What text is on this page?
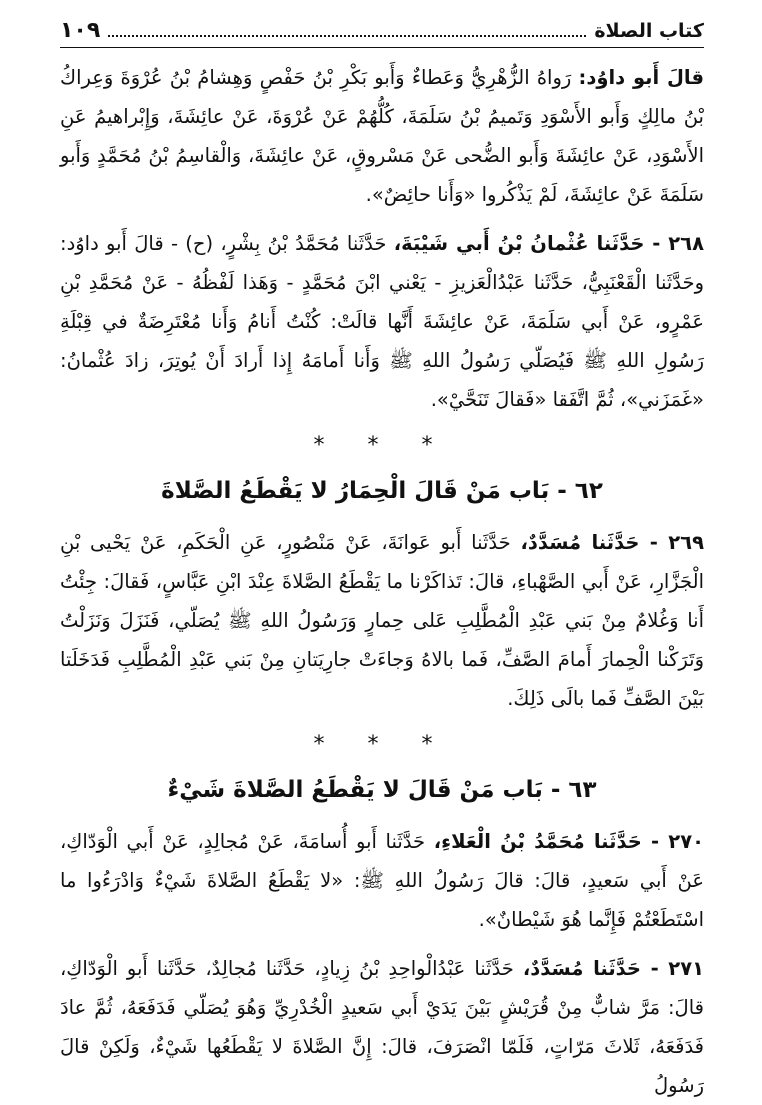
كتاب الصلاة
١٠٩

قالَ أَبو داوُد: رَواهُ الزُّهْرِيُّ وَعَطاءٌ وَأَبو بَكْرِ بْنُ حَفْصٍ وَهِشامُ بْنُ عُرْوَةَ وَعِراكُ بْنُ مالِكٍ وَأَبو الأَسْوَدِ وَتَميمُ بْنُ سَلَمَةَ، كُلُّهُمْ عَنْ عُرْوَةَ، عَنْ عائِشَةَ، وَإِبْراهيمُ عَنِ الأَسْوَدِ، عَنْ عائِشَةَ وَأَبو الضُّحى عَنْ مَسْروقٍ، عَنْ عائِشَةَ، وَالْقاسِمُ بْنُ مُحَمَّدٍ وَأَبو سَلَمَةَ عَنْ عائِشَةَ، لَمْ يَذْكُروا «وَأَنا حائِضٌ».

٢٦٨ - حَدَّثَنا عُثْمانُ بْنُ أَبي شَيْبَةَ، حَدَّثَنا مُحَمَّدُ بْنُ بِشْرٍ، (ح) - قالَ أَبو داوُد: وحَدَّثَنا الْقَعْنَبِيُّ، حَدَّثَنا عَبْدُالْعَزيزِ - يَعْني ابْنَ مُحَمَّدٍ - وَهَذا لَفْظُهُ - عَنْ مُحَمَّدِ بْنِ عَمْرٍو، عَنْ أَبي سَلَمَةَ، عَنْ عائِشَةَ أَنَّها قالَتْ: كُنْتُ أَنامُ وَأَنا مُعْتَرِضَةٌ في قِبْلَةِ رَسُولِ اللهِ ﷺ فَيُصَلّي رَسُولُ اللهِ ﷺ وَأَنا أَمامَهُ إِذا أَرادَ أَنْ يُوتِرَ، زادَ عُثْمانُ: «غَمَزَني»، ثُمَّ اتَّفَقا «فَقالَ تَنَحَّيْ».

* * *
٦٢ - بَاب مَنْ قَالَ الْحِمَارُ لا يَقْطَعُ الصَّلاةَ

٢٦٩ - حَدَّثَنا مُسَدَّدٌ، حَدَّثَنا أَبو عَوانَةَ، عَنْ مَنْصُورٍ، عَنِ الْحَكَمِ، عَنْ يَحْيى بْنِ الْجَزَّارِ، عَنْ أَبي الصَّهْباءِ، قالَ: تَذاكَرْنا ما يَقْطَعُ الصَّلاةَ عِنْدَ ابْنِ عَبَّاسٍ، فَقالَ: جِئْتُ أَنا وَغُلامٌ مِنْ بَني عَبْدِ الْمُطَّلِبِ عَلى حِمارٍ وَرَسُولُ اللهِ ﷺ يُصَلّي، فَنَزَلَ وَنَزَلْتُ وَتَرَكْنا الْحِمارَ أَمامَ الصَّفِّ، فَما بالاهُ وَجاءَتْ جارِيَتانِ مِنْ بَني عَبْدِ الْمُطَّلِبِ فَدَخَلَتا بَيْنَ الصَّفِّ فَما بالَى ذَلِكَ.

* * *
٦٣ - بَاب مَنْ قَالَ لا يَقْطَعُ الصَّلاةَ شَيْءٌ

٢٧٠ - حَدَّثَنا مُحَمَّدُ بْنُ الْعَلاءِ، حَدَّثَنا أَبو أُسامَةَ، عَنْ مُجالِدٍ، عَنْ أَبي الْوَدّاكِ، عَنْ أَبي سَعيدٍ، قالَ: قالَ رَسُولُ اللهِ ﷺ: «لا يَقْطَعُ الصَّلاةَ شَيْءٌ وَادْرَءُوا ما اسْتَطَعْتُمْ فَإِنَّما هُوَ شَيْطانٌ».

٢٧١ - حَدَّثَنا مُسَدَّدٌ، حَدَّثَنا عَبْدُالْواحِدِ بْنُ زِيادٍ، حَدَّثَنا مُجالِدٌ، حَدَّثَنا أَبو الْوَدّاكِ، قالَ: مَرَّ شابٌّ مِنْ قُرَيْشٍ بَيْنَ يَدَيْ أَبي سَعيدٍ الْخُدْرِيِّ وَهُوَ يُصَلّي فَدَفَعَهُ، ثُمَّ عادَ فَدَفَعَهُ، ثَلاثَ مَرّاتٍ، فَلَمّا انْصَرَفَ، قالَ: إِنَّ الصَّلاةَ لا يَقْطَعُها شَيْءٌ، وَلَكِنْ قالَ رَسُولُ
